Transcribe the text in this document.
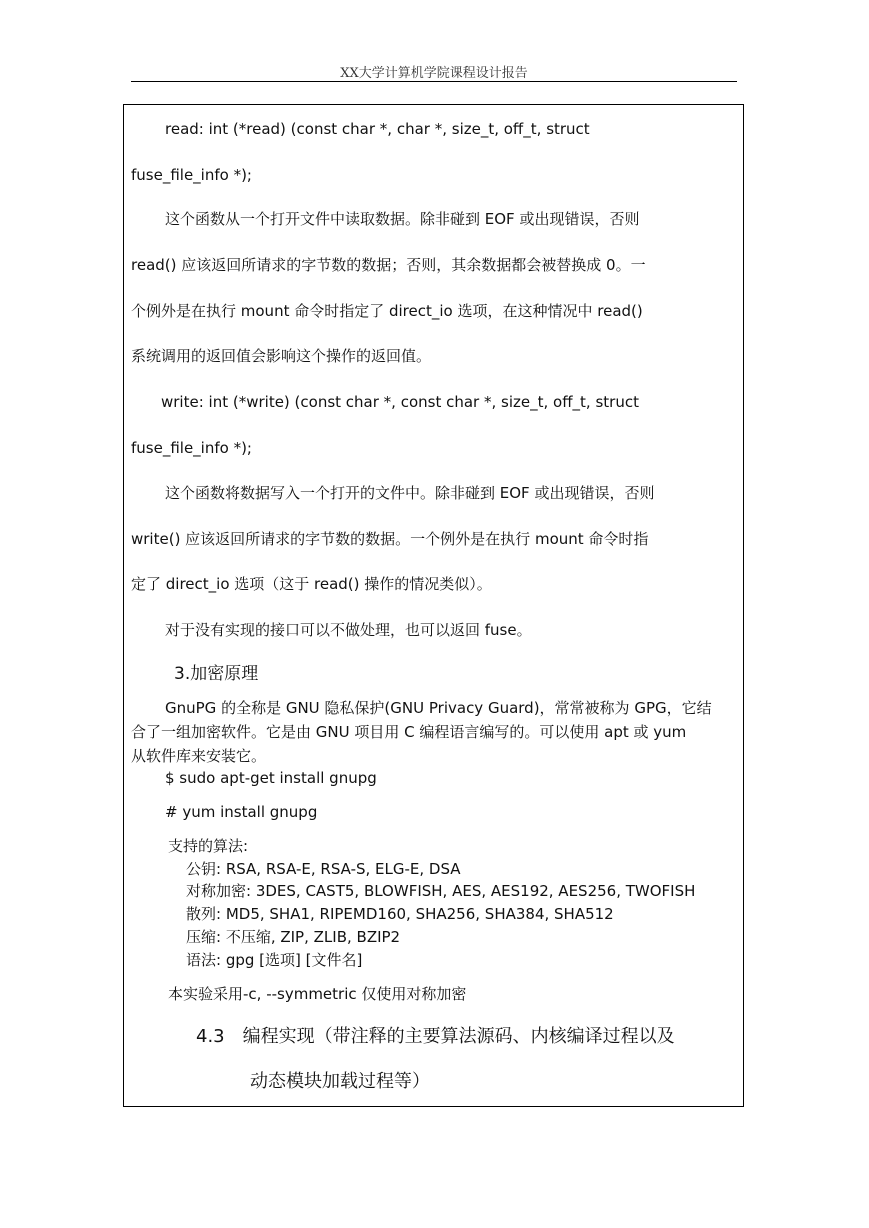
XX大学计算机学院课程设计报告
read: int (*read) (const char *, char *, size_t, off_t, struct
fuse_file_info *);
这个函数从一个打开文件中读取数据。除非碰到 EOF 或出现错误，否则
read() 应该返回所请求的字节数的数据；否则，其余数据都会被替换成 0。一
个例外是在执行 mount 命令时指定了 direct_io 选项，在这种情况中 read()
系统调用的返回值会影响这个操作的返回值。
write: int (*write) (const char *, const char *, size_t, off_t, struct
fuse_file_info *);
这个函数将数据写入一个打开的文件中。除非碰到 EOF 或出现错误，否则
write() 应该返回所请求的字节数的数据。一个例外是在执行 mount 命令时指
定了 direct_io 选项（这于 read() 操作的情况类似）。
对于没有实现的接口可以不做处理，也可以返回 fuse。
3.加密原理
GnuPG 的全称是 GNU 隐私保护(GNU Privacy Guard)，常常被称为 GPG，它结
合了一组加密软件。它是由 GNU 项目用 C 编程语言编写的。可以使用 apt 或 yum
从软件库来安装它。
$ sudo apt-get install gnupg
# yum install gnupg
支持的算法:
公钥: RSA, RSA-E, RSA-S, ELG-E, DSA
对称加密: 3DES, CAST5, BLOWFISH, AES, AES192, AES256, TWOFISH
散列: MD5, SHA1, RIPEMD160, SHA256, SHA384, SHA512
压缩: 不压缩, ZIP, ZLIB, BZIP2
语法: gpg [选项] [文件名]
本实验采用-c, --symmetric 仅使用对称加密
4.3　编程实现（带注释的主要算法源码、内核编译过程以及
动态模块加载过程等）
